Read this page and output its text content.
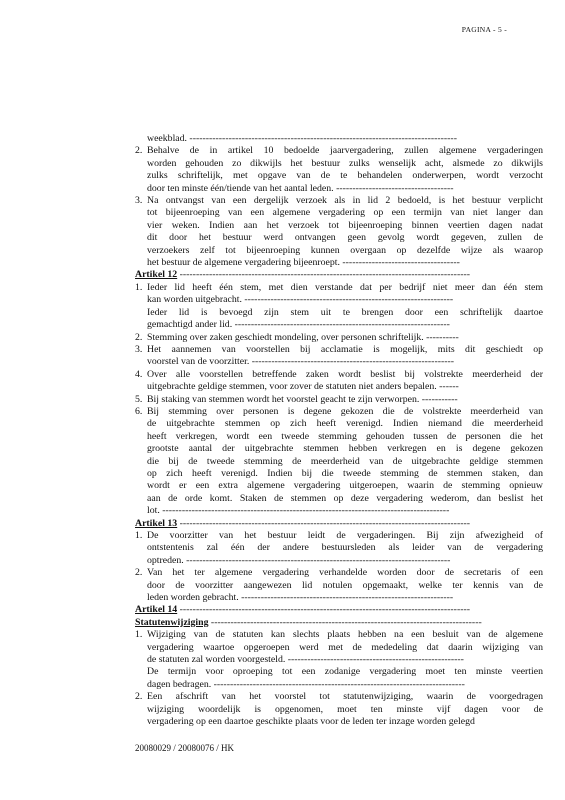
PAGINA - 5 -
weekblad. ----------------------------------------------------------------------------------
2. Behalve de in artikel 10 bedoelde jaarvergadering, zullen algemene vergaderingen
worden gehouden zo dikwijls het bestuur zulks wenselijk acht, alsmede zo dikwijls
zulks schriftelijk, met opgave van de te behandelen onderwerpen, wordt verzocht
door ten minste één/tiende van het aantal leden. ------------------------------------
3. Na ontvangst van een dergelijk verzoek als in lid 2 bedoeld, is het bestuur verplicht
tot bijeenroeping van een algemene vergadering op een termijn van niet langer dan
vier weken. Indien aan het verzoek tot bijeenroeping binnen veertien dagen nadat
dit door het bestuur werd ontvangen geen gevolg wordt gegeven, zullen de
verzoekers zelf tot bijeenroeping kunnen overgaan op dezelfde wijze als waarop
het bestuur de algemene vergadering bijeenroept. ------------------------------------
Artikel 12 -----------------------------------------------------------------------------------------
1. Ieder lid heeft één stem, met dien verstande dat per bedrijf niet meer dan één stem
kan worden uitgebracht. ----------------------------------------------------------------
Ieder lid is bevoegd zijn stem uit te brengen door een schriftelijk daartoe
gemachtigd ander lid. ------------------------------------------------------------------
2. Stemming over zaken geschiedt mondeling, over personen schriftelijk. ----------
3. Het aannemen van voorstellen bij acclamatie is mogelijk, mits dit geschiedt op
voorstel van de voorzitter. --------------------------------------------------------------
4. Over alle voorstellen betreffende zaken wordt beslist bij volstrekte meerderheid der
uitgebrachte geldige stemmen, voor zover de statuten niet anders bepalen. ------
5. Bij staking van stemmen wordt het voorstel geacht te zijn verworpen. -----------
6. Bij stemming over personen is degene gekozen die de volstrekte meerderheid van
de uitgebrachte stemmen op zich heeft verenigd. Indien niemand die meerderheid
heeft verkregen, wordt een tweede stemming gehouden tussen de personen die het
grootste aantal der uitgebrachte stemmen hebben verkregen en is degene gekozen
die bij de tweede stemming de meerderheid van de uitgebrachte geldige stemmen
op zich heeft verenigd. Indien bij die tweede stemming de stemmen staken, dan
wordt er een extra algemene vergadering uitgeroepen, waarin de stemming opnieuw
aan de orde komt. Staken de stemmen op deze vergadering wederom, dan beslist het
lot. ----------------------------------------------------------------------------------------
Artikel 13 -----------------------------------------------------------------------------------------
1. De voorzitter van het bestuur leidt de vergaderingen. Bij zijn afwezigheid of
ontstentenis zal één der andere bestuursleden als leider van de vergadering
optreden. ---------------------------------------------------------------------------------
2. Van het ter algemene vergadering verhandelde worden door de secretaris of een
door de voorzitter aangewezen lid notulen opgemaakt, welke ter kennis van de
leden worden gebracht. -----------------------------------------------------------------
Artikel 14 -----------------------------------------------------------------------------------------
Statutenwijziging -----------------------------------------------------------------------------------
1. Wijziging van de statuten kan slechts plaats hebben na een besluit van de algemene
vergadering waartoe opgeroepen werd met de mededeling dat daarin wijziging van
de statuten zal worden voorgesteld. ------------------------------------------------------
De termijn voor oproeping tot een zodanige vergadering moet ten minste veertien
dagen bedragen. -----------------------------------------------------------------------------
2. Een afschrift van het voorstel tot statutenwijziging, waarin de voorgedragen
wijziging woordelijk is opgenomen, moet ten minste vijf dagen voor de
vergadering op een daartoe geschikte plaats voor de leden ter inzage worden gelegd
20080029 / 20080076 / HK
